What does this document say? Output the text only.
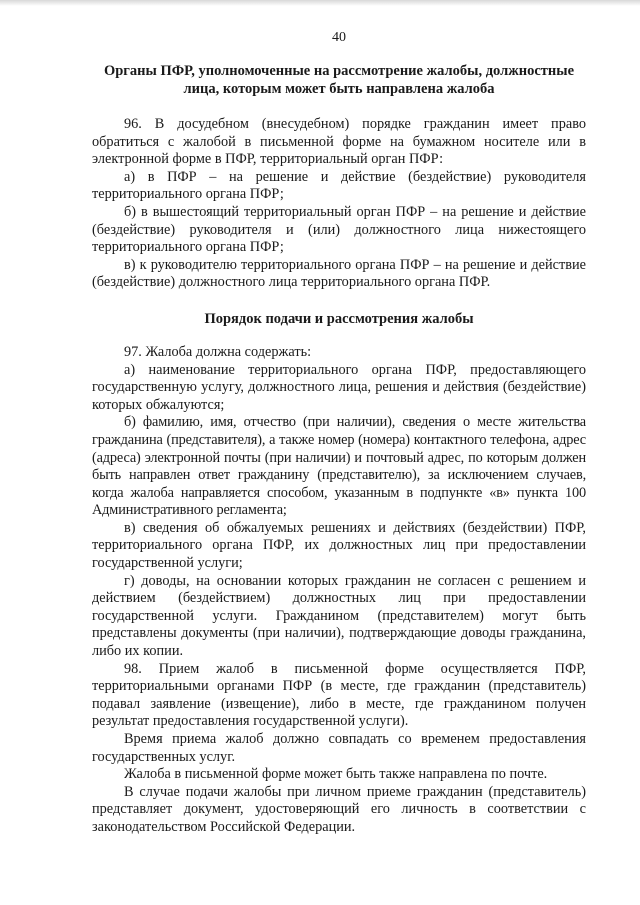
40
Органы ПФР, уполномоченные на рассмотрение жалобы, должностные лица, которым может быть направлена жалоба

96. В досудебном (внесудебном) порядке гражданин имеет право обратиться с жалобой в письменной форме на бумажном носителе или в электронной форме в ПФР, территориальный орган ПФР:

а) в ПФР – на решение и действие (бездействие) руководителя территориального органа ПФР;

б) в вышестоящий территориальный орган ПФР – на решение и действие (бездействие) руководителя и (или) должностного лица нижестоящего территориального органа ПФР;

в) к руководителю территориального органа ПФР – на решение и действие (бездействие) должностного лица территориального органа ПФР.

Порядок подачи и рассмотрения жалобы

97. Жалоба должна содержать:

а) наименование территориального органа ПФР, предоставляющего государственную услугу, должностного лица, решения и действия (бездействие) которых обжалуются;

б) фамилию, имя, отчество (при наличии), сведения о месте жительства гражданина (представителя), а также номер (номера) контактного телефона, адрес (адреса) электронной почты (при наличии) и почтовый адрес, по которым должен быть направлен ответ гражданину (представителю), за исключением случаев, когда жалоба направляется способом, указанным в подпункте «в» пункта 100 Административного регламента;

в) сведения об обжалуемых решениях и действиях (бездействии) ПФР, территориального органа ПФР, их должностных лиц при предоставлении государственной услуги;

г) доводы, на основании которых гражданин не согласен с решением и действием (бездействием) должностных лиц при предоставлении государственной услуги. Гражданином (представителем) могут быть представлены документы (при наличии), подтверждающие доводы гражданина, либо их копии.

98. Прием жалоб в письменной форме осуществляется ПФР, территориальными органами ПФР (в месте, где гражданин (представитель) подавал заявление (извещение), либо в месте, где гражданином получен результат предоставления государственной услуги).

Время приема жалоб должно совпадать со временем предоставления государственных услуг.

Жалоба в письменной форме может быть также направлена по почте.

В случае подачи жалобы при личном приеме гражданин (представитель) представляет документ, удостоверяющий его личность в соответствии с законодательством Российской Федерации.
